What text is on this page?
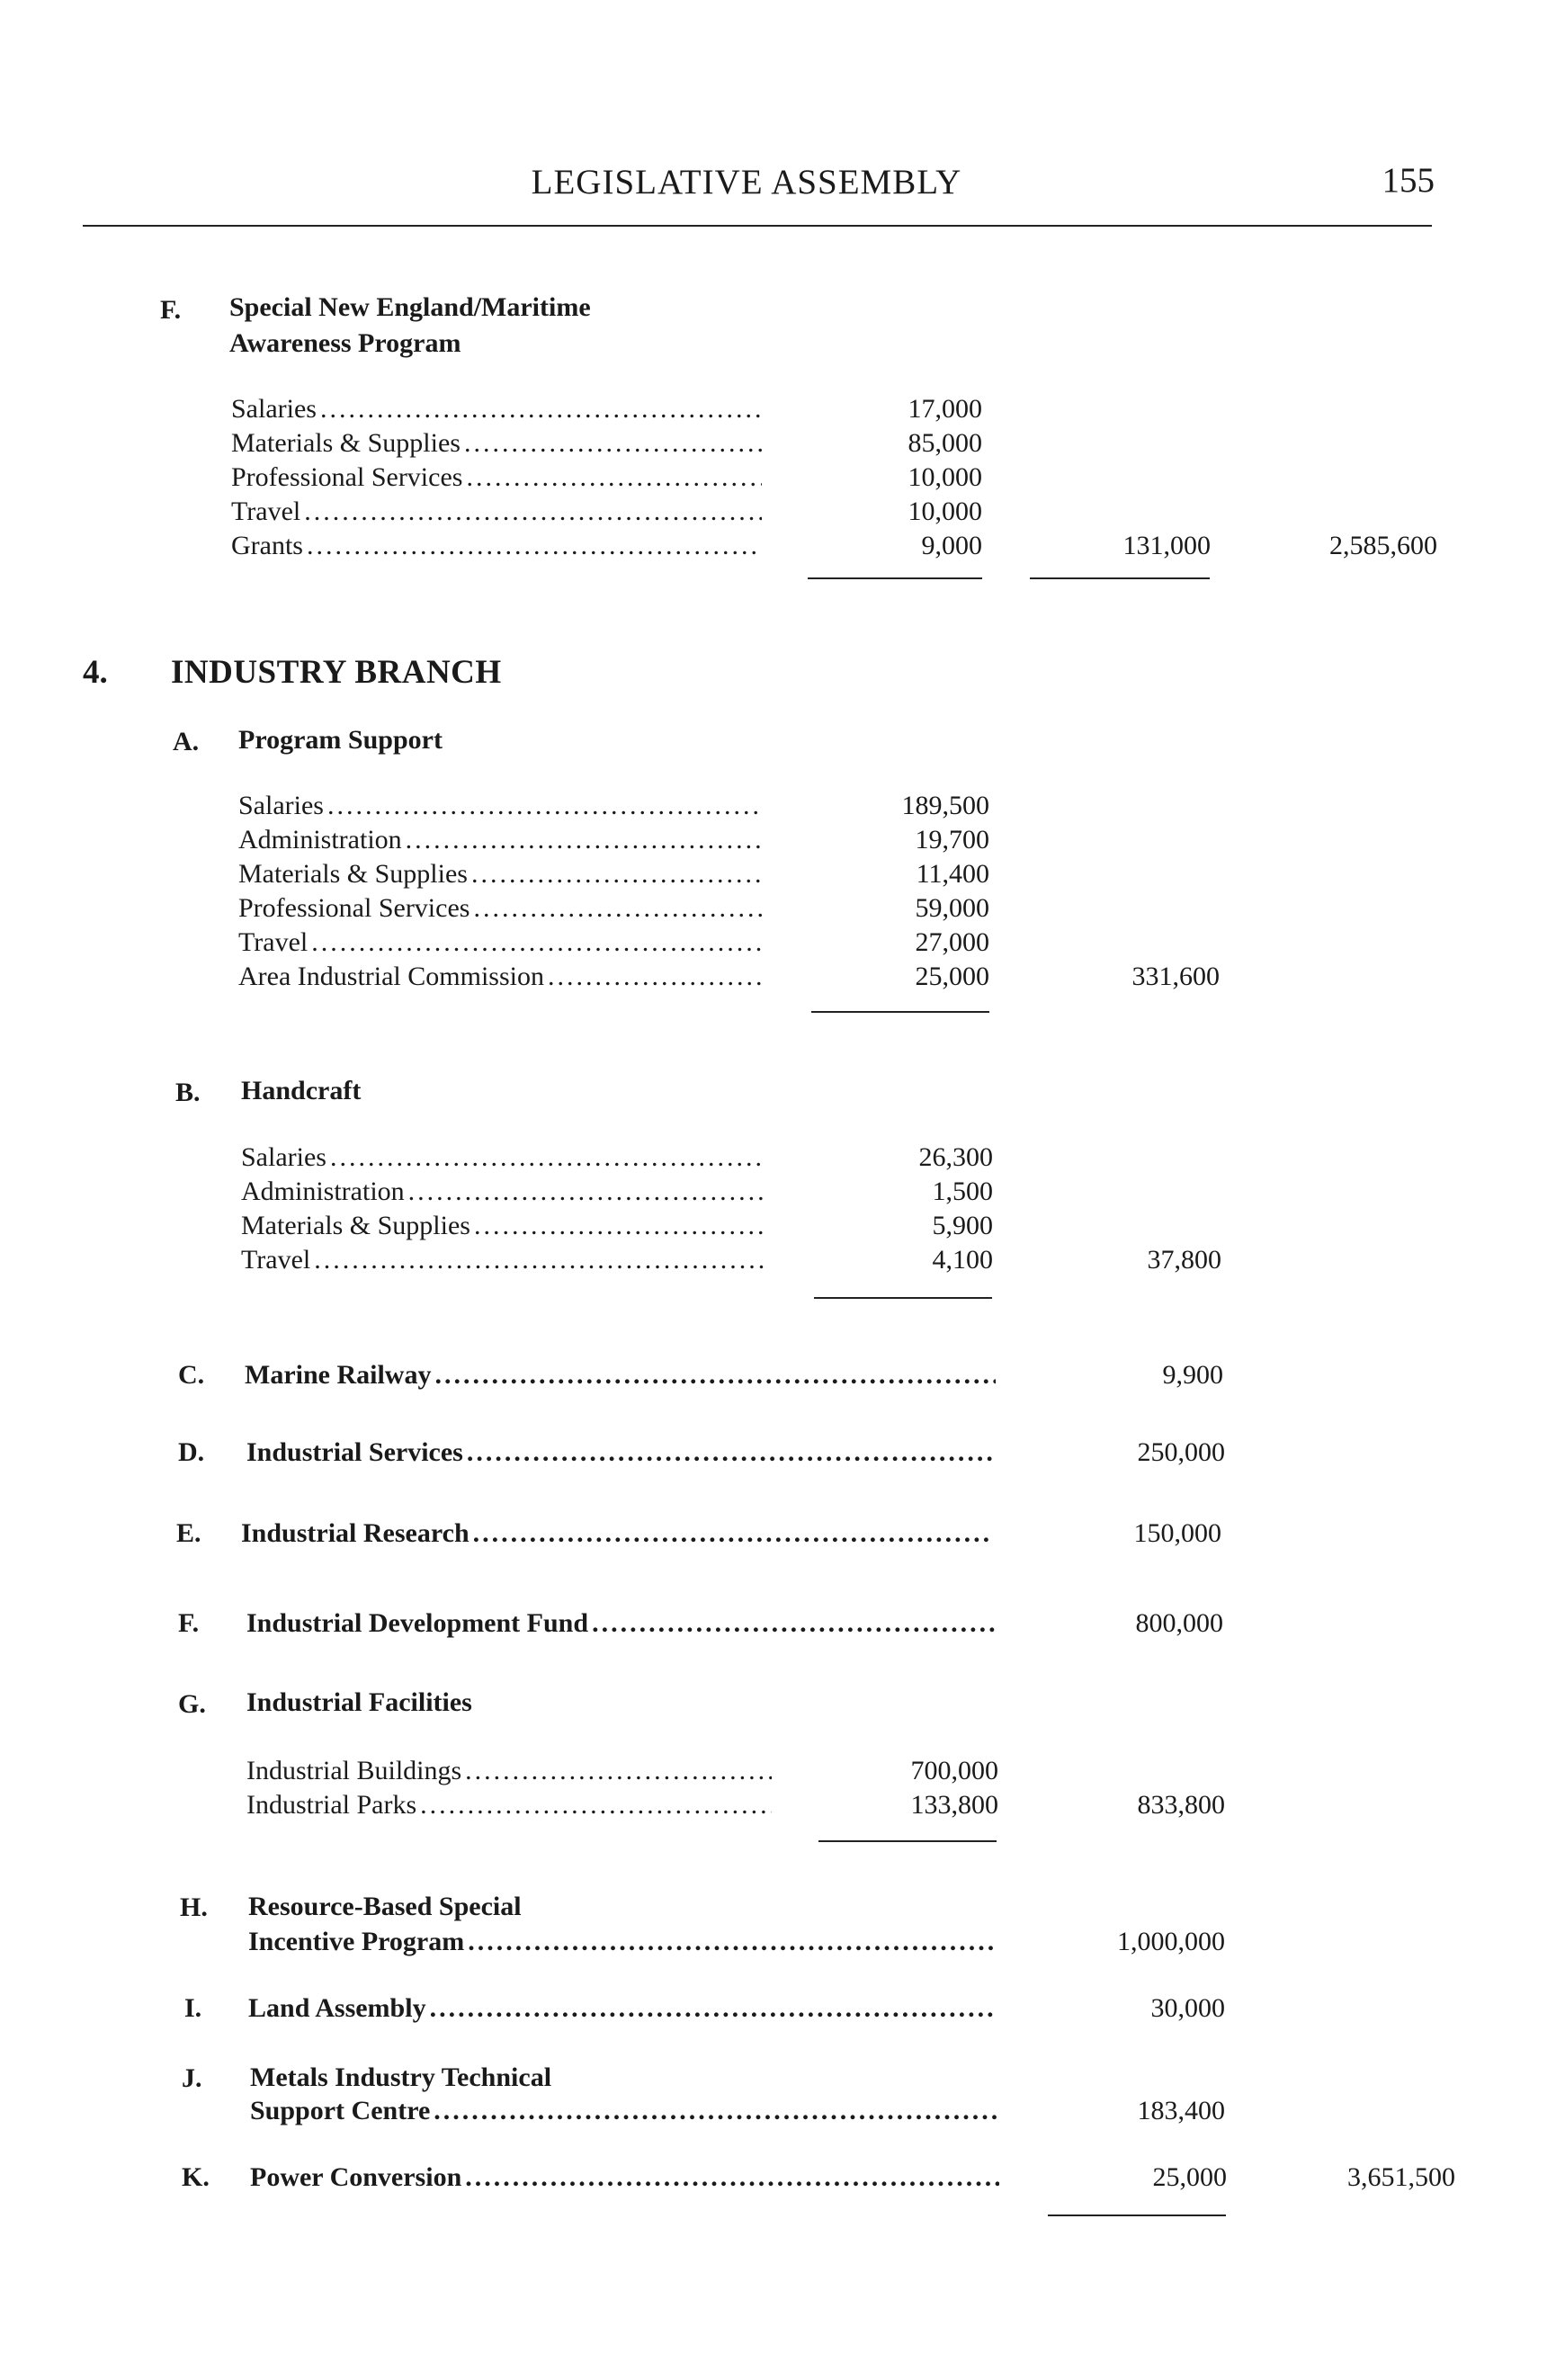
LEGISLATIVE ASSEMBLY	155
F. Special New England/Maritime
Awareness Program
Salaries .....	17,000
Materials & Supplies .....	85,000
Professional Services .....	10,000
Travel .....	10,000
Grants .....	9,000	131,000	2,585,600
4. INDUSTRY BRANCH
A. Program Support
Salaries .....	189,500
Administration .....	19,700
Materials & Supplies .....	11,400
Professional Services .....	59,000
Travel .....	27,000
Area Industrial Commission .....	25,000	331,600
B. Handcraft
Salaries .....	26,300
Administration .....	1,500
Materials & Supplies .....	5,900
Travel .....	4,100	37,800
C. Marine Railway .....	9,900
D. Industrial Services .....	250,000
E. Industrial Research .....	150,000
F. Industrial Development Fund .....	800,000
G. Industrial Facilities
Industrial Buildings .....	700,000
Industrial Parks .....	133,800	833,800
H. Resource-Based Special
Incentive Program .....	1,000,000
I. Land Assembly .....	30,000
J. Metals Industry Technical
Support Centre .....	183,400
K. Power Conversion .....	25,000	3,651,500
